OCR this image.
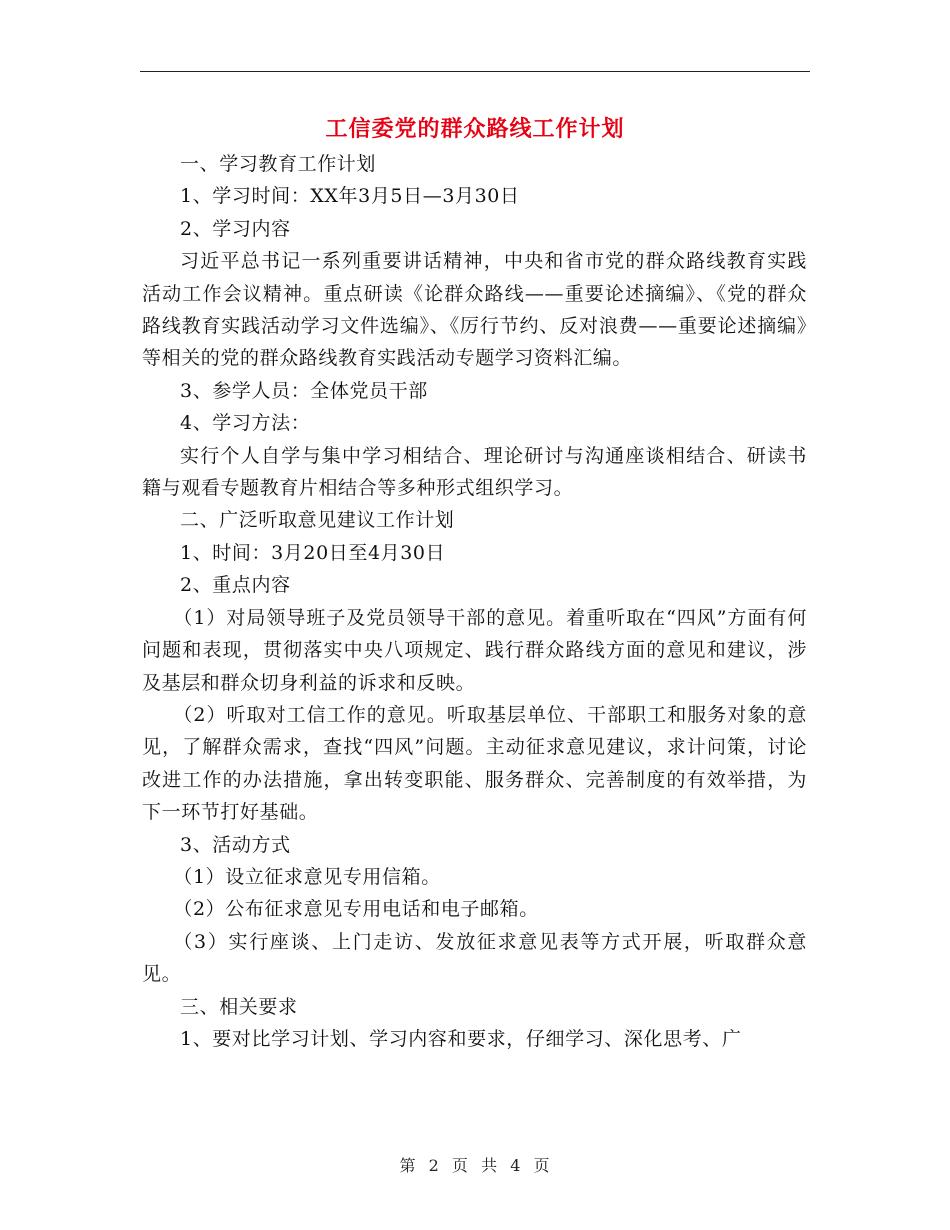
工信委党的群众路线工作计划

一、学习教育工作计划

1、学习时间：XX年3月5日—3月30日

2、学习内容

习近平总书记一系列重要讲话精神，中央和省市党的群众路线教育实践活动工作会议精神。重点研读《论群众路线——重要论述摘编》、《党的群众路线教育实践活动学习文件选编》、《厉行节约、反对浪费——重要论述摘编》等相关的党的群众路线教育实践活动专题学习资料汇编。

3、参学人员：全体党员干部

4、学习方法：

实行个人自学与集中学习相结合、理论研讨与沟通座谈相结合、研读书籍与观看专题教育片相结合等多种形式组织学习。

二、广泛听取意见建议工作计划

1、时间：3月20日至4月30日

2、重点内容

（1）对局领导班子及党员领导干部的意见。着重听取在“四风”方面有何问题和表现，贯彻落实中央八项规定、践行群众路线方面的意见和建议，涉及基层和群众切身利益的诉求和反映。

（2）听取对工信工作的意见。听取基层单位、干部职工和服务对象的意见，了解群众需求，查找“四风”问题。主动征求意见建议，求计问策，讨论改进工作的办法措施，拿出转变职能、服务群众、完善制度的有效举措，为下一环节打好基础。

3、活动方式

（1）设立征求意见专用信箱。

（2）公布征求意见专用电话和电子邮箱。

（3）实行座谈、上门走访、发放征求意见表等方式开展，听取群众意见。

三、相关要求

1、要对比学习计划、学习内容和要求，仔细学习、深化思考、广

第 2 页  共 4 页
